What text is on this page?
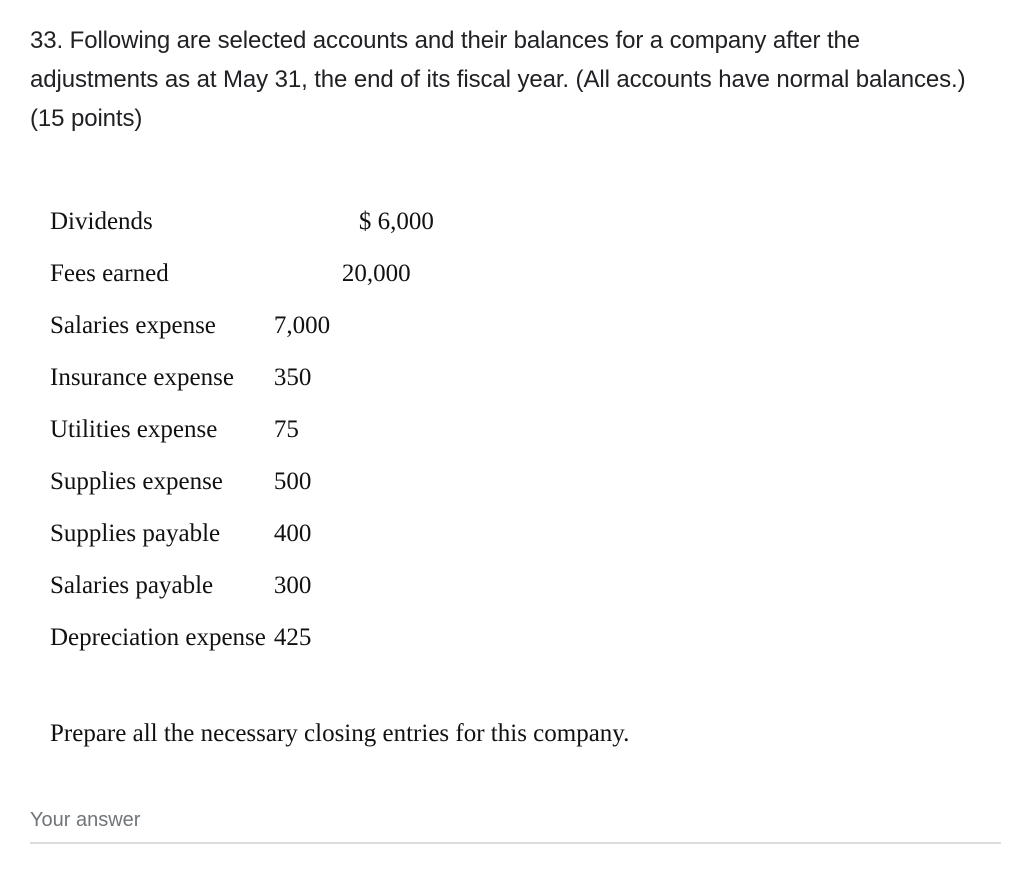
33. Following are selected accounts and their balances for a company after the adjustments as at May 31, the end of its fiscal year. (All accounts have normal balances.) (15 points)
Dividends	$ 6,000
Fees earned	20,000
Salaries expense	7,000
Insurance expense	350
Utilities expense	75
Supplies expense	500
Supplies payable	400
Salaries payable	300
Depreciation expense	425
Prepare all the necessary closing entries for this company.
Your answer
